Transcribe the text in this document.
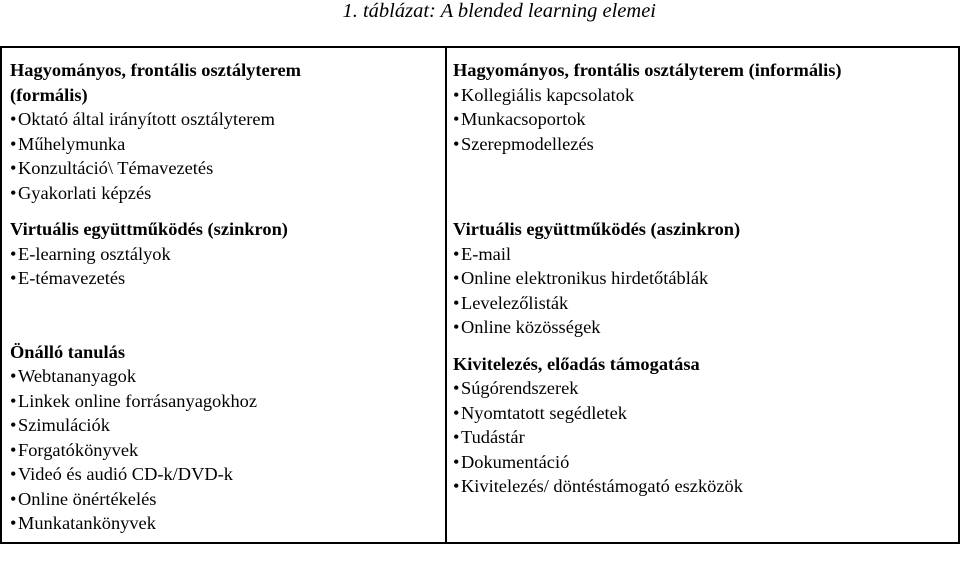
1. táblázat: A blended learning elemei
Hagyományos, frontális osztályterem
(formális)
•Oktató által irányított osztályterem
•Műhelymunka
•Konzultáció\ Témavezetés
•Gyakorlati képzés
Virtuális együttműködés (szinkron)
•E-learning osztályok
•E-témavezetés
Önálló tanulás
•Webtananyagok
•Linkek online forrásanyagokhoz
•Szimulációk
•Forgatókönyvek
•Videó és audió CD-k/DVD-k
•Online önértékelés
•Munkatankönyvek

Hagyományos, frontális osztályterem (informális)
•Kollegiális kapcsolatok
•Munkacsoportok
•Szerepmodellezés
Virtuális együttműködés (aszinkron)
•E-mail
•Online elektronikus hirdetőtáblák
•Levelezőlisták
•Online közösségek
Kivitelezés, előadás támogatása
•Súgórendszerek
•Nyomtatott segédletek
•Tudástár
•Dokumentáció
•Kivitelezés/ döntéstámogató eszközök
